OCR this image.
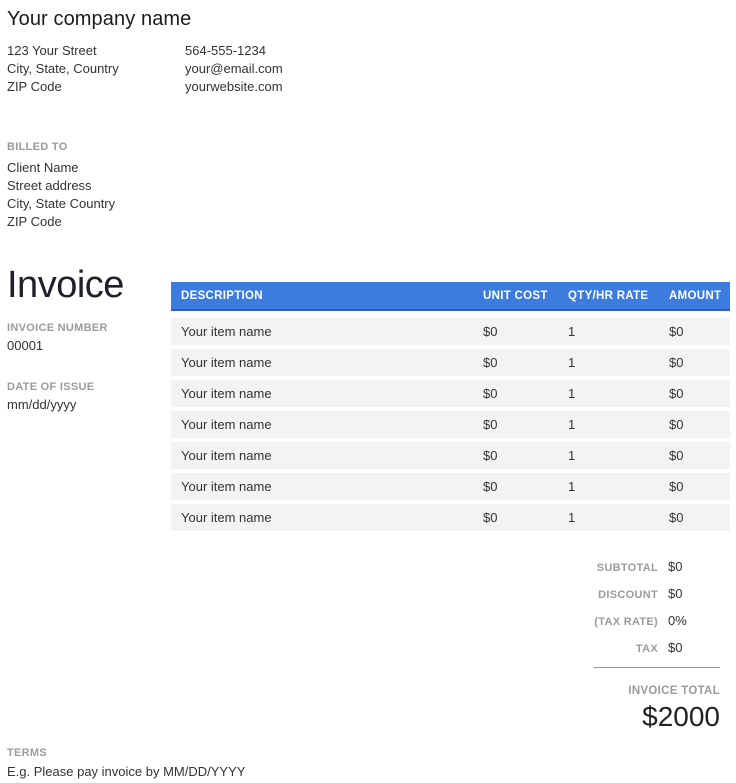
Your company name
123 Your Street
City, State, Country
ZIP Code
564-555-1234
your@email.com
yourwebsite.com
BILLED TO
Client Name
Street address
City, State Country
ZIP Code
Invoice
INVOICE NUMBER
00001
DATE OF ISSUE
mm/dd/yyyy
DESCRIPTION	UNIT COST	QTY/HR RATE	AMOUNT
Your item name	$0	1	$0
Your item name	$0	1	$0
Your item name	$0	1	$0
Your item name	$0	1	$0
Your item name	$0	1	$0
Your item name	$0	1	$0
Your item name	$0	1	$0
SUBTOTAL $0
DISCOUNT $0
(TAX RATE) 0%
TAX $0
INVOICE TOTAL
$2000
TERMS
E.g. Please pay invoice by MM/DD/YYYY
